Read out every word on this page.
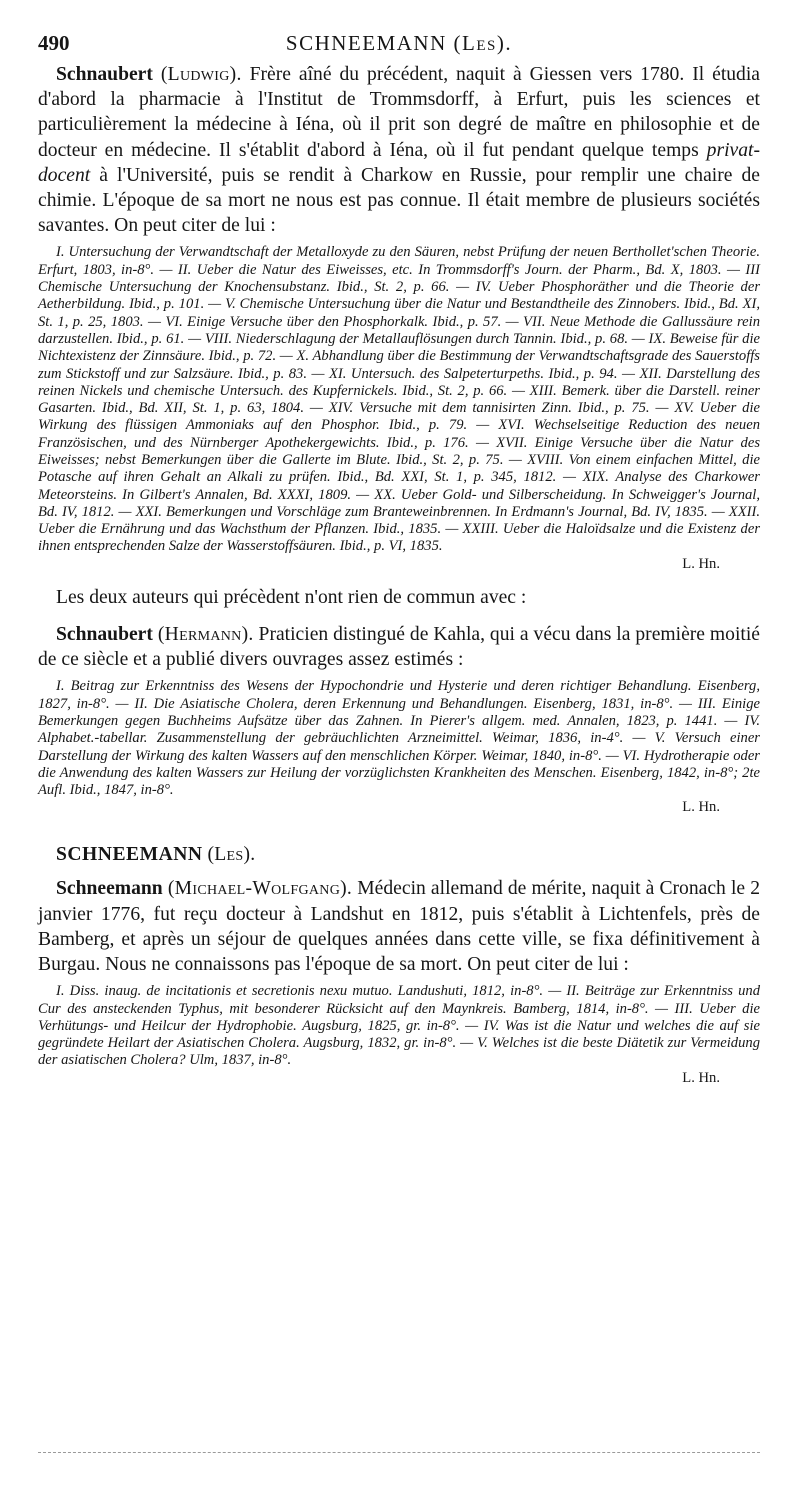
490	SCHNEEMANN (Les).

Schnaubert (Ludwig). Frère aîné du précédent, naquit à Giessen vers 1780. Il étudia d'abord la pharmacie à l'Institut de Trommsdorff, à Erfurt, puis les sciences et particulièrement la médecine à Iéna, où il prit son degré de maître en philosophie et de docteur en médecine. Il s'établit d'abord à Iéna, où il fut pendant quelque temps privat-docent à l'Université, puis se rendit à Charkow en Russie, pour remplir une chaire de chimie. L'époque de sa mort ne nous est pas connue. Il était membre de plusieurs sociétés savantes. On peut citer de lui :

I. Untersuchung der Verwandtschaft der Metalloxyde zu den Säuren, nebst Prüfung der neuen Berthollet'schen Theorie. Erfurt, 1803, in-8°. — II. Ueber die Natur des Eiweisses, etc. In Trommsdorff's Journ. der Pharm., Bd. X, 1803. — III Chemische Untersuchung der Knochensubstanz. Ibid., St. 2, p. 66. — IV. Ueber Phosphoräther und die Theorie der Aetherbildung. Ibid., p. 101. — V. Chemische Untersuchung über die Natur und Bestandtheile des Zinnobers. Ibid., Bd. XI, St. 1, p. 25, 1803. — VI. Einige Versuche über den Phosphorkalk. Ibid., p. 57. — VII. Neue Methode die Gallussäure rein darzustellen. Ibid., p. 61. — VIII. Niederschlagung der Metallauflösungen durch Tannin. Ibid., p. 68. — IX. Beweise für die Nichtexistenz der Zinnsäure. Ibid., p. 72. — X. Abhandlung über die Bestimmung der Verwandtschaftsgrade des Sauerstoffs zum Stickstoff und zur Salzsäure. Ibid., p. 83. — XI. Untersuch. des Salpeterturpeths. Ibid., p. 94. — XII. Darstellung des reinen Nickels und chemische Untersuch. des Kupfernickels. Ibid., St. 2, p. 66. — XIII. Bemerk. über die Darstell. reiner Gasarten. Ibid., Bd. XII, St. 1, p. 63, 1804. — XIV. Versuche mit dem tannisirten Zinn. Ibid., p. 75. — XV. Ueber die Wirkung des flüssigen Ammoniaks auf den Phosphor. Ibid., p. 79. — XVI. Wechselseitige Reduction des neuen Französischen, und des Nürnberger Apothekergewichts. Ibid., p. 176. — XVII. Einige Versuche über die Natur des Eiweisses; nebst Bemerkungen über die Gallerte im Blute. Ibid., St. 2, p. 75. — XVIII. Von einem einfachen Mittel, die Potasche auf ihren Gehalt an Alkali zu prüfen. Ibid., Bd. XXI, St. 1, p. 345, 1812. — XIX. Analyse des Charkower Meteorsteins. In Gilbert's Annalen, Bd. XXXI, 1809. — XX. Ueber Gold- und Silberscheidung. In Schweigger's Journal, Bd. IV, 1812. — XXI. Bemerkungen und Vorschläge zum Branteweinbrennen. In Erdmann's Journal, Bd. IV, 1835. — XXII. Ueber die Ernährung und das Wachsthum der Pflanzen. Ibid., 1835. — XXIII. Ueber die Haloïdsalze und die Existenz der ihnen entsprechenden Salze der Wasserstoffsäuren. Ibid., p. VI, 1835.

L. Hn.

Les deux auteurs qui précèdent n'ont rien de commun avec :

Schnaubert (Hermann). Praticien distingué de Kahla, qui a vécu dans la première moitié de ce siècle et a publié divers ouvrages assez estimés :

I. Beitrag zur Erkenntniss des Wesens der Hypochondrie und Hysterie und deren richtiger Behandlung. Eisenberg, 1827, in-8°. — II. Die Asiatische Cholera, deren Erkennung und Behandlungen. Eisenberg, 1831, in-8°. — III. Einige Bemerkungen gegen Buchheims Aufsätze über das Zahnen. In Pierer's allgem. med. Annalen, 1823, p. 1441. — IV. Alphabet.-tabellar. Zusammenstellung der gebräuchlichten Arzneimittel. Weimar, 1836, in-4°. — V. Versuch einer Darstellung der Wirkung des kalten Wassers auf den menschlichen Körper. Weimar, 1840, in-8°. — VI. Hydrotherapie oder die Anwendung des kalten Wassers zur Heilung der vorzüglichsten Krankheiten des Menschen. Eisenberg, 1842, in-8°; 2te Aufl. Ibid., 1847, in-8°.

L. Hn.
SCHNEEMANN (Les).

Schneemann (Michael-Wolfgang). Médecin allemand de mérite, naquit à Cronach le 2 janvier 1776, fut reçu docteur à Landshut en 1812, puis s'établit à Lichtenfels, près de Bamberg, et après un séjour de quelques années dans cette ville, se fixa définitivement à Burgau. Nous ne connaissons pas l'époque de sa mort. On peut citer de lui :

I. Diss. inaug. de incitationis et secretionis nexu mutuo. Landushuti, 1812, in-8°. — II. Beiträge zur Erkenntniss und Cur des ansteckenden Typhus, mit besonderer Rücksicht auf den Maynkreis. Bamberg, 1814, in-8°. — III. Ueber die Verhütungs- und Heilcur der Hydrophobie. Augsburg, 1825, gr. in-8°. — IV. Was ist die Natur und welches die auf sie gegründete Heilart der Asiatischen Cholera. Augsburg, 1832, gr. in-8°. — V. Welches ist die beste Diätetik zur Vermeidung der asiatischen Cholera? Ulm, 1837, in-8°.

L. Hn.
